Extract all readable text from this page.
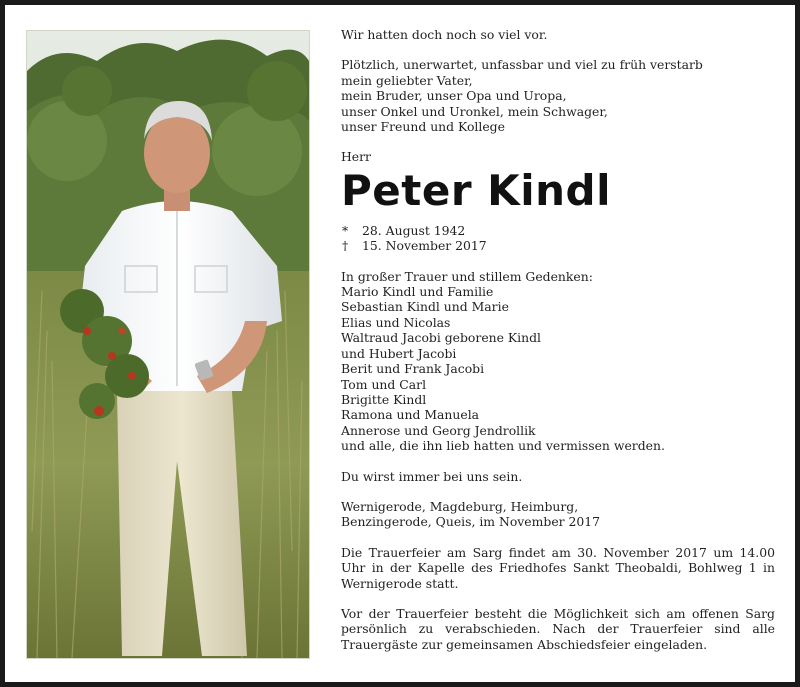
Wir hatten doch noch so viel vor.
Plötzlich, unerwartet, unfassbar und viel zu früh verstarb
mein geliebter Vater,
mein Bruder, unser Opa und Uropa,
unser Onkel und Uronkel, mein Schwager,
unser Freund und Kollege
Herr
Peter Kindl
* 28. August 1942
† 15. November 2017
In großer Trauer und stillem Gedenken:
Mario Kindl und Familie
Sebastian Kindl und Marie
Elias und Nicolas
Waltraud Jacobi geborene Kindl
und Hubert Jacobi
Berit und Frank Jacobi
Tom und Carl
Brigitte Kindl
Ramona und Manuela
Annerose und Georg Jendrollik
und alle, die ihn lieb hatten und vermissen werden.
Du wirst immer bei uns sein.
Wernigerode, Magdeburg, Heimburg,
Benzingerode, Queis, im November 2017
Die Trauerfeier am Sarg findet am 30. November 2017 um 14.00 Uhr in der Kapelle des Friedhofes Sankt Theobaldi, Bohlweg 1 in Wernigerode statt.
Vor der Trauerfeier besteht die Möglichkeit sich am offenen Sarg persönlich zu verabschieden. Nach der Trauerfeier sind alle Trauergäste zur gemeinsamen Abschiedsfeier eingeladen.
